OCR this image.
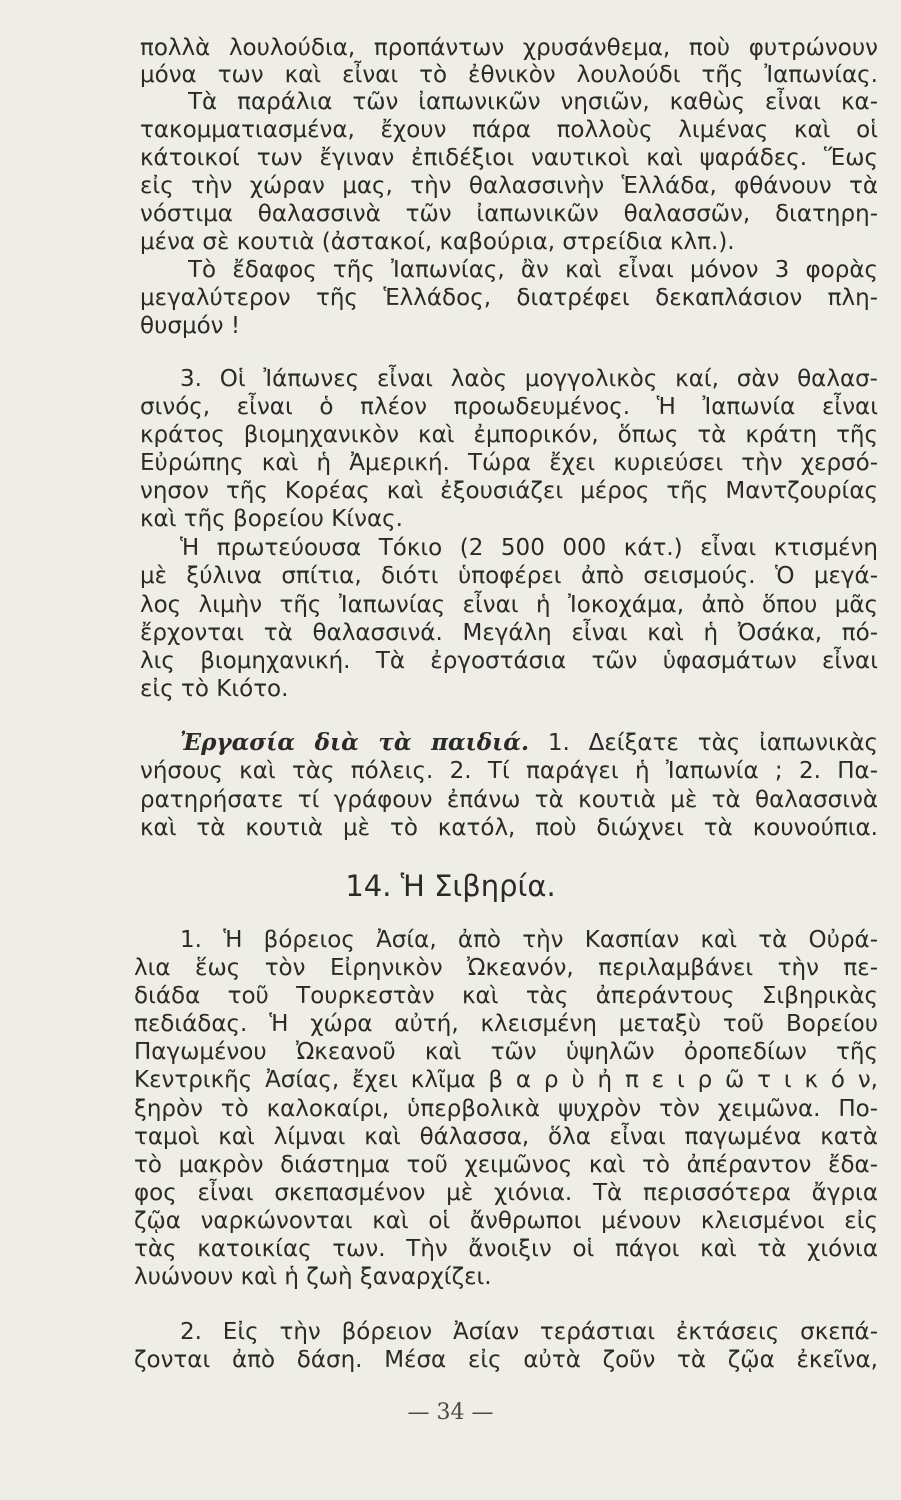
πολλὰ λουλούδια, προπάντων χρυσάνθεμα, ποὺ φυτρώνουν
μόνα των καὶ εἶναι τὸ ἐθνικὸν λουλούδι τῆς Ἰαπωνίας.
Τὰ παράλια τῶν ἰαπωνικῶν νησιῶν, καθὼς εἶναι κα-
τακομματιασμένα, ἔχουν πάρα πολλοὺς λιμένας καὶ οἱ
κάτοικοί των ἔγιναν ἐπιδέξιοι ναυτικοὶ καὶ ψαράδες. Ἕως
εἰς τὴν χώραν μας, τὴν θαλασσινὴν Ἑλλάδα, φθάνουν τὰ
νόστιμα θαλασσινὰ τῶν ἰαπωνικῶν θαλασσῶν, διατηρη-
μένα σὲ κουτιὰ (ἀστακοί, καβούρια, στρείδια κλπ.).
Τὸ ἔδαφος τῆς Ἰαπωνίας, ἂν καὶ εἶναι μόνον 3 φορὰς
μεγαλύτερον τῆς Ἑλλάδος, διατρέφει δεκαπλάσιον πλη-
θυσμόν !
3. Οἱ Ἰάπωνες εἶναι λαὸς μογγολικὸς καί, σὰν θαλασ-
σινός, εἶναι ὁ πλέον προωδευμένος. Ἡ Ἰαπωνία εἶναι
κράτος βιομηχανικὸν καὶ ἐμπορικόν, ὅπως τὰ κράτη τῆς
Εὐρώπης καὶ ἡ Ἀμερική. Τώρα ἔχει κυριεύσει τὴν χερσό-
νησον τῆς Κορέας καὶ ἐξουσιάζει μέρος τῆς Μαντζουρίας
καὶ τῆς βορείου Κίνας.
Ἡ πρωτεύουσα Τόκιο (2 500 000 κάτ.) εἶναι κτισμένη
μὲ ξύλινα σπίτια, διότι ὑποφέρει ἀπὸ σεισμούς. Ὁ μεγά-
λος λιμὴν τῆς Ἰαπωνίας εἶναι ἡ Ἰοκοχάμα, ἀπὸ ὅπου μᾶς
ἔρχονται τὰ θαλασσινά. Μεγάλη εἶναι καὶ ἡ Ὀσάκα, πό-
λις βιομηχανική. Τὰ ἐργοστάσια τῶν ὑφασμάτων εἶναι
εἰς τὸ Κιότο.
Ἐργασία διὰ τὰ παιδιά. 1. Δείξατε τὰς ἰαπωνικὰς
νήσους καὶ τὰς πόλεις. 2. Τί παράγει ἡ Ἰαπωνία ; 2. Πα-
ρατηρήσατε τί γράφουν ἐπάνω τὰ κουτιὰ μὲ τὰ θαλασσινὰ
καὶ τὰ κουτιὰ μὲ τὸ κατόλ, ποὺ διώχνει τὰ κουνούπια.
14. Ἡ Σιβηρία.
1. Ἡ βόρειος Ἀσία, ἀπὸ τὴν Κασπίαν καὶ τὰ Οὐρά-
λια ἕως τὸν Εἰρηνικὸν Ὠκεανόν, περιλαμβάνει τὴν πε-
διάδα τοῦ Τουρκεστὰν καὶ τὰς ἀπεράντους Σιβηρικὰς
πεδιάδας. Ἡ χώρα αὐτή, κλεισμένη μεταξὺ τοῦ Βορείου
Παγωμένου Ὠκεανοῦ καὶ τῶν ὑψηλῶν ὀροπεδίων τῆς
Κεντρικῆς Ἀσίας, ἔχει κλῖμα β α ρ ὺ ἠ π ε ι ρ ῶ τ ι κ ό ν,
ξηρὸν τὸ καλοκαίρι, ὑπερβολικὰ ψυχρὸν τὸν χειμῶνα. Πο-
ταμοὶ καὶ λίμναι καὶ θάλασσα, ὅλα εἶναι παγωμένα κατὰ
τὸ μακρὸν διάστημα τοῦ χειμῶνος καὶ τὸ ἀπέραντον ἔδα-
φος εἶναι σκεπασμένον μὲ χιόνια. Τὰ περισσότερα ἄγρια
ζῷα ναρκώνονται καὶ οἱ ἄνθρωποι μένουν κλεισμένοι εἰς
τὰς κατοικίας των. Τὴν ἄνοιξιν οἱ πάγοι καὶ τὰ χιόνια
λυώνουν καὶ ἡ ζωὴ ξαναρχίζει.
2. Εἰς τὴν βόρειον Ἀσίαν τεράστιαι ἐκτάσεις σκεπά-
ζονται ἀπὸ δάση. Μέσα εἰς αὐτὰ ζοῦν τὰ ζῷα ἐκεῖνα,
— 34 —
